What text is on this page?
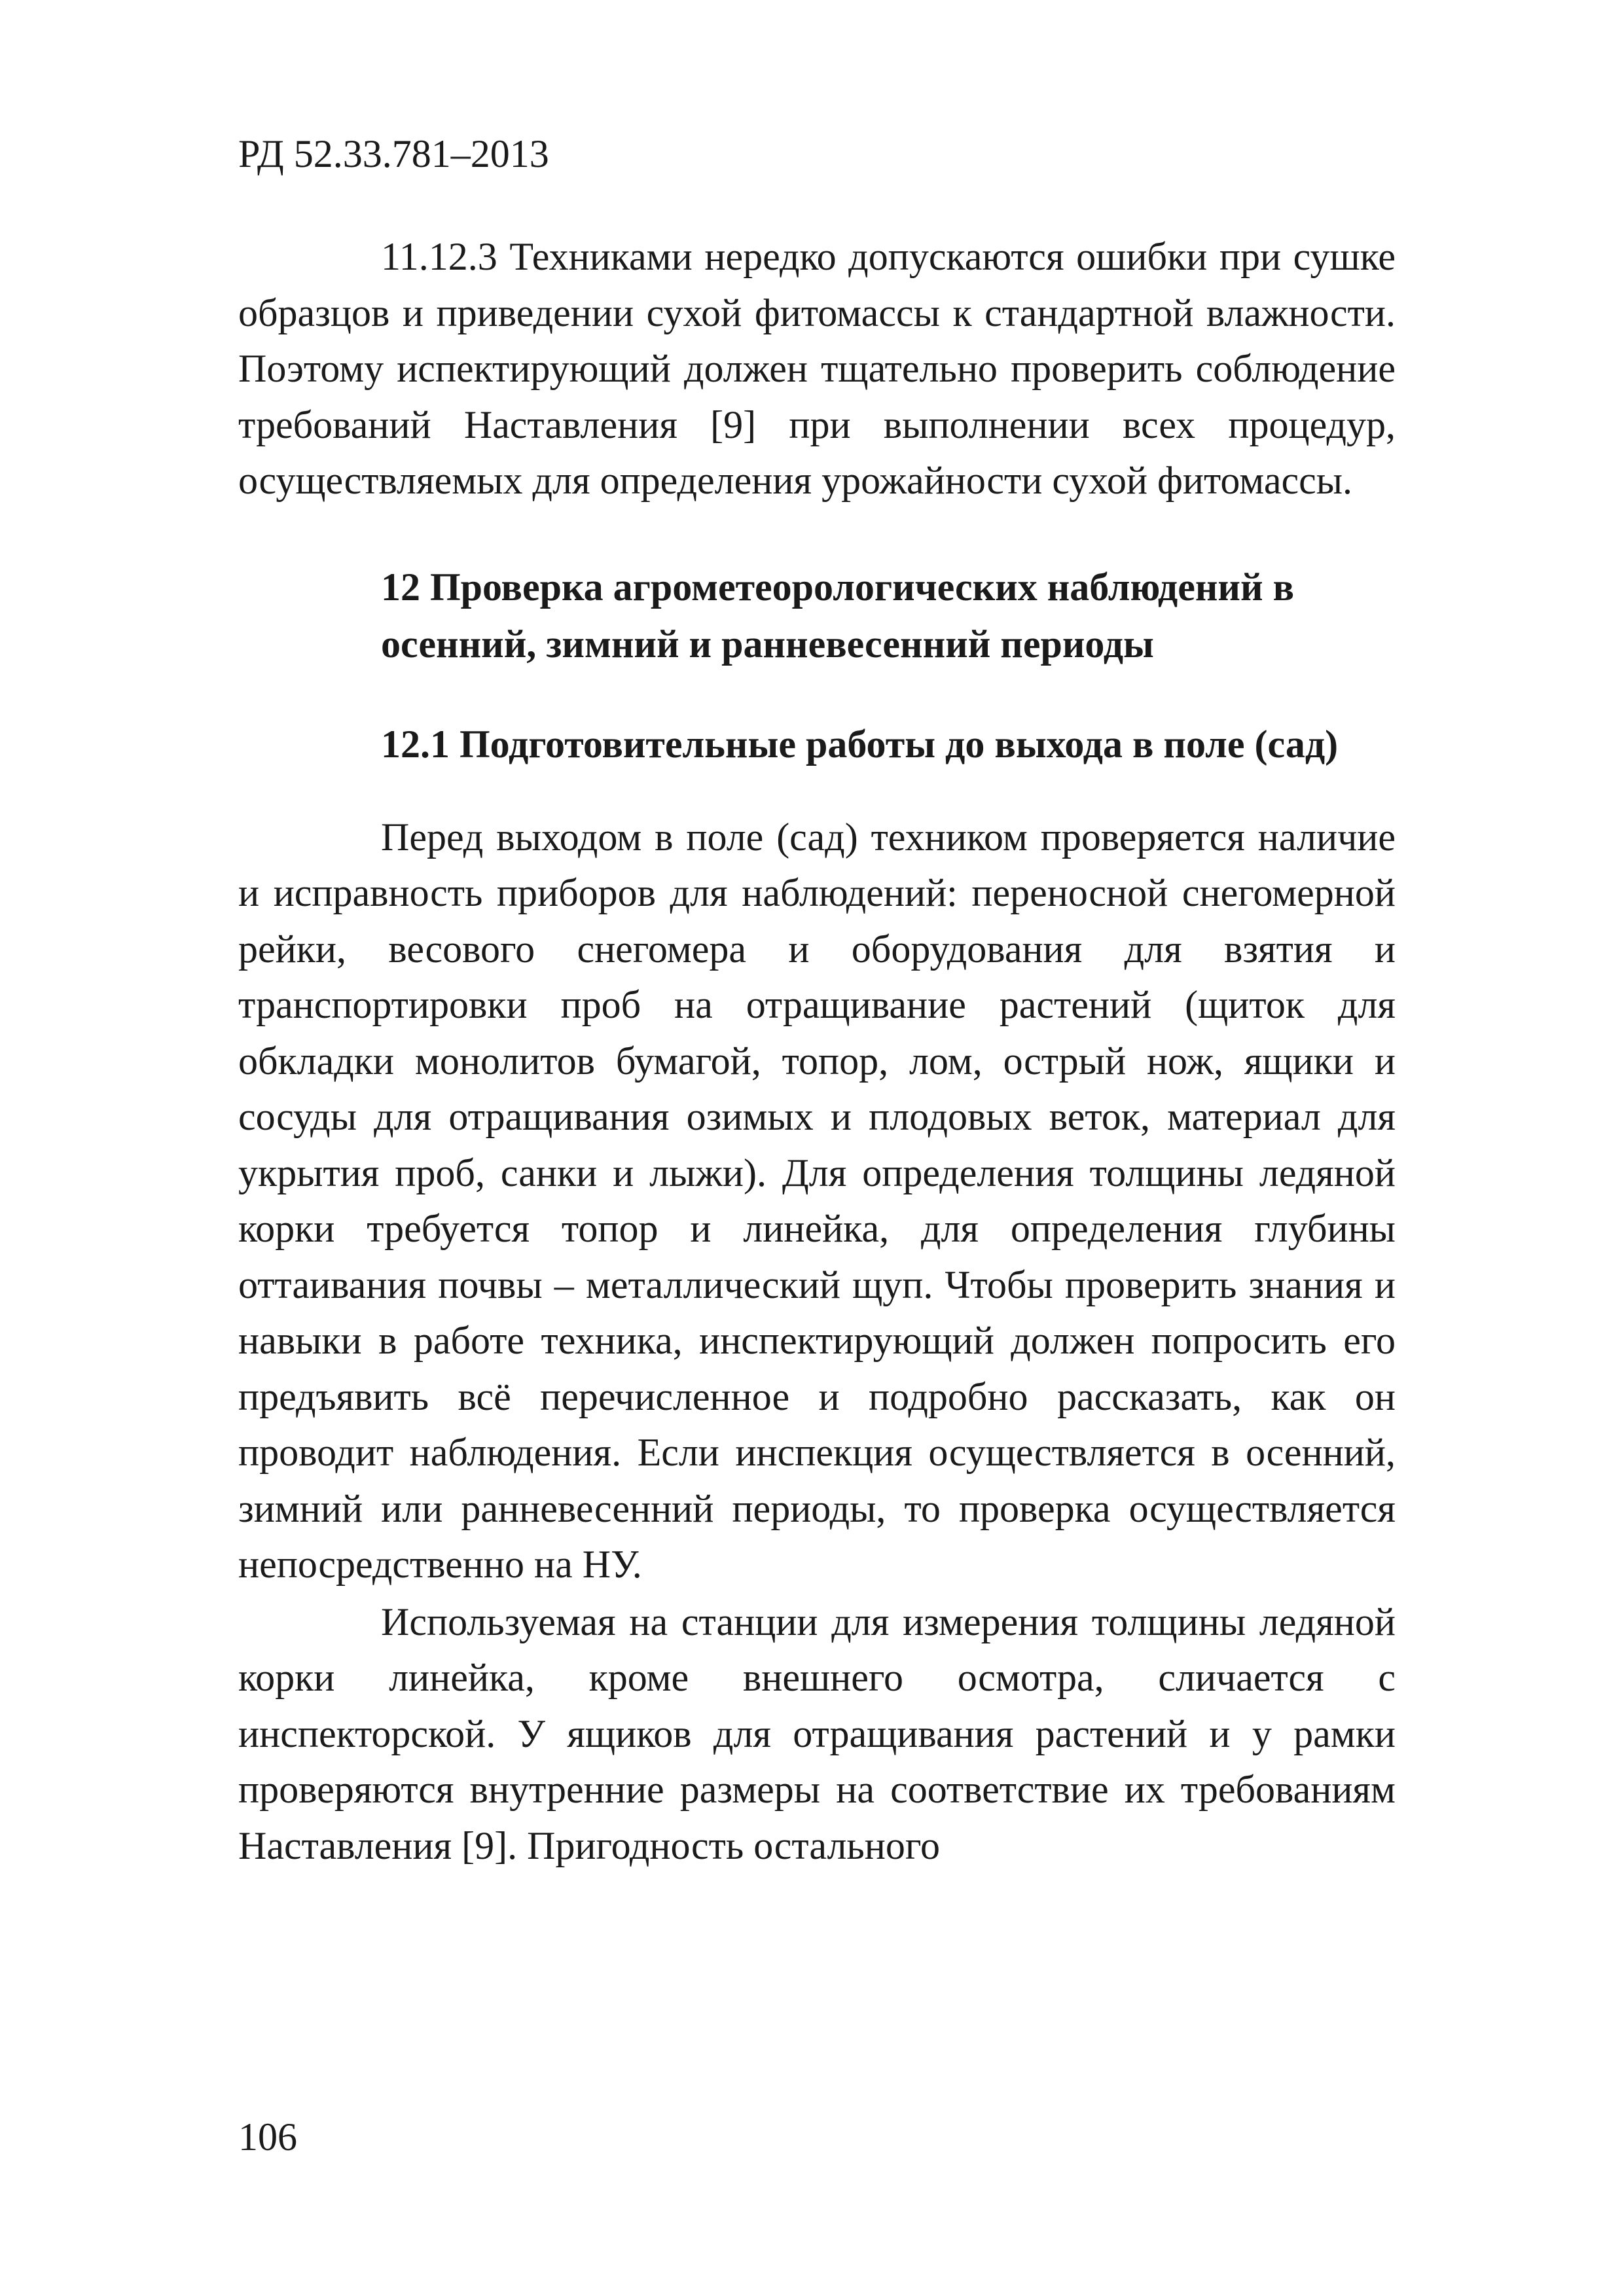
РД 52.33.781–2013

11.12.3 Техниками нередко допускаются ошибки при сушке образцов и приведении сухой фитомассы к стандартной влажности. Поэтому испектирующий должен тщательно проверить соблюдение требований Наставления [9] при выполнении всех процедур, осуществляемых для определения урожайности сухой фитомассы.

12 Проверка агрометеорологических наблюдений в осенний, зимний и ранневесенний периоды
12.1 Подготовительные работы до выхода в поле (сад)

Перед выходом в поле (сад) техником проверяется наличие и исправность приборов для наблюдений: переносной снегомерной рейки, весового снегомера и оборудования для взятия и транспортировки проб на отращивание растений (щиток для обкладки монолитов бумагой, топор, лом, острый нож, ящики и сосуды для отращивания озимых и плодовых веток, материал для укрытия проб, санки и лыжи). Для определения толщины ледяной корки требуется топор и линейка, для определения глубины оттаивания почвы – металлический щуп. Чтобы проверить знания и навыки в работе техника, инспектирующий должен попросить его предъявить всё перечисленное и подробно рассказать, как он проводит наблюдения. Если инспекция осуществляется в осенний, зимний или ранневесенний периоды, то проверка осуществляется непосредственно на НУ.

Используемая на станции для измерения толщины ледяной корки линейка, кроме внешнего осмотра, сличается с инспекторской. У ящиков для отращивания растений и у рамки проверяются внутренние размеры на соответствие их требованиям Наставления [9]. Пригодность остального

106
